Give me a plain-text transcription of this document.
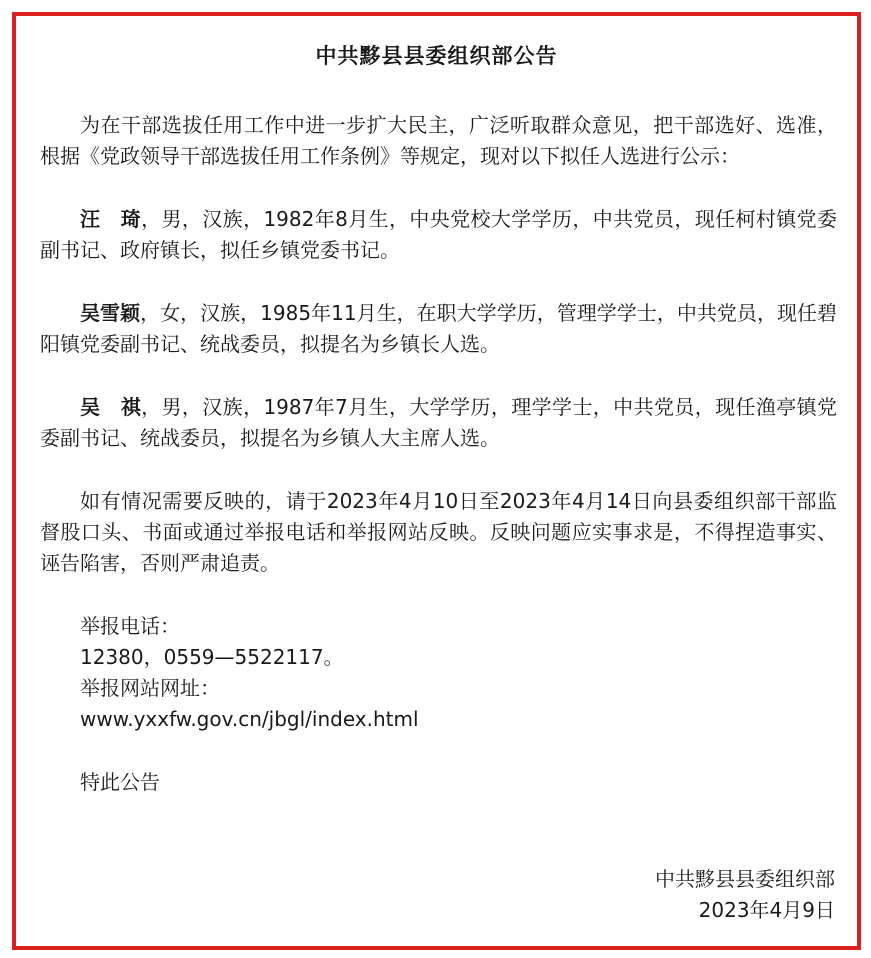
中共黟县县委组织部公告

为在干部选拔任用工作中进一步扩大民主，广泛听取群众意见，把干部选好、选准，根据《党政领导干部选拔任用工作条例》等规定，现对以下拟任人选进行公示：

汪　琦，男，汉族，1982年8月生，中央党校大学学历，中共党员，现任柯村镇党委副书记、政府镇长，拟任乡镇党委书记。

吴雪颖，女，汉族，1985年11月生，在职大学学历，管理学学士，中共党员，现任碧阳镇党委副书记、统战委员，拟提名为乡镇长人选。

吴　祺，男，汉族，1987年7月生，大学学历，理学学士，中共党员，现任渔亭镇党委副书记、统战委员，拟提名为乡镇人大主席人选。

如有情况需要反映的，请于2023年4月10日至2023年4月14日向县委组织部干部监督股口头、书面或通过举报电话和举报网站反映。反映问题应实事求是，不得捏造事实、诬告陷害，否则严肃追责。

举报电话：
12380，0559—5522117。
举报网站网址：
www.yxxfw.gov.cn/jbgl/index.html

特此公告

中共黟县县委组织部
2023年4月9日
